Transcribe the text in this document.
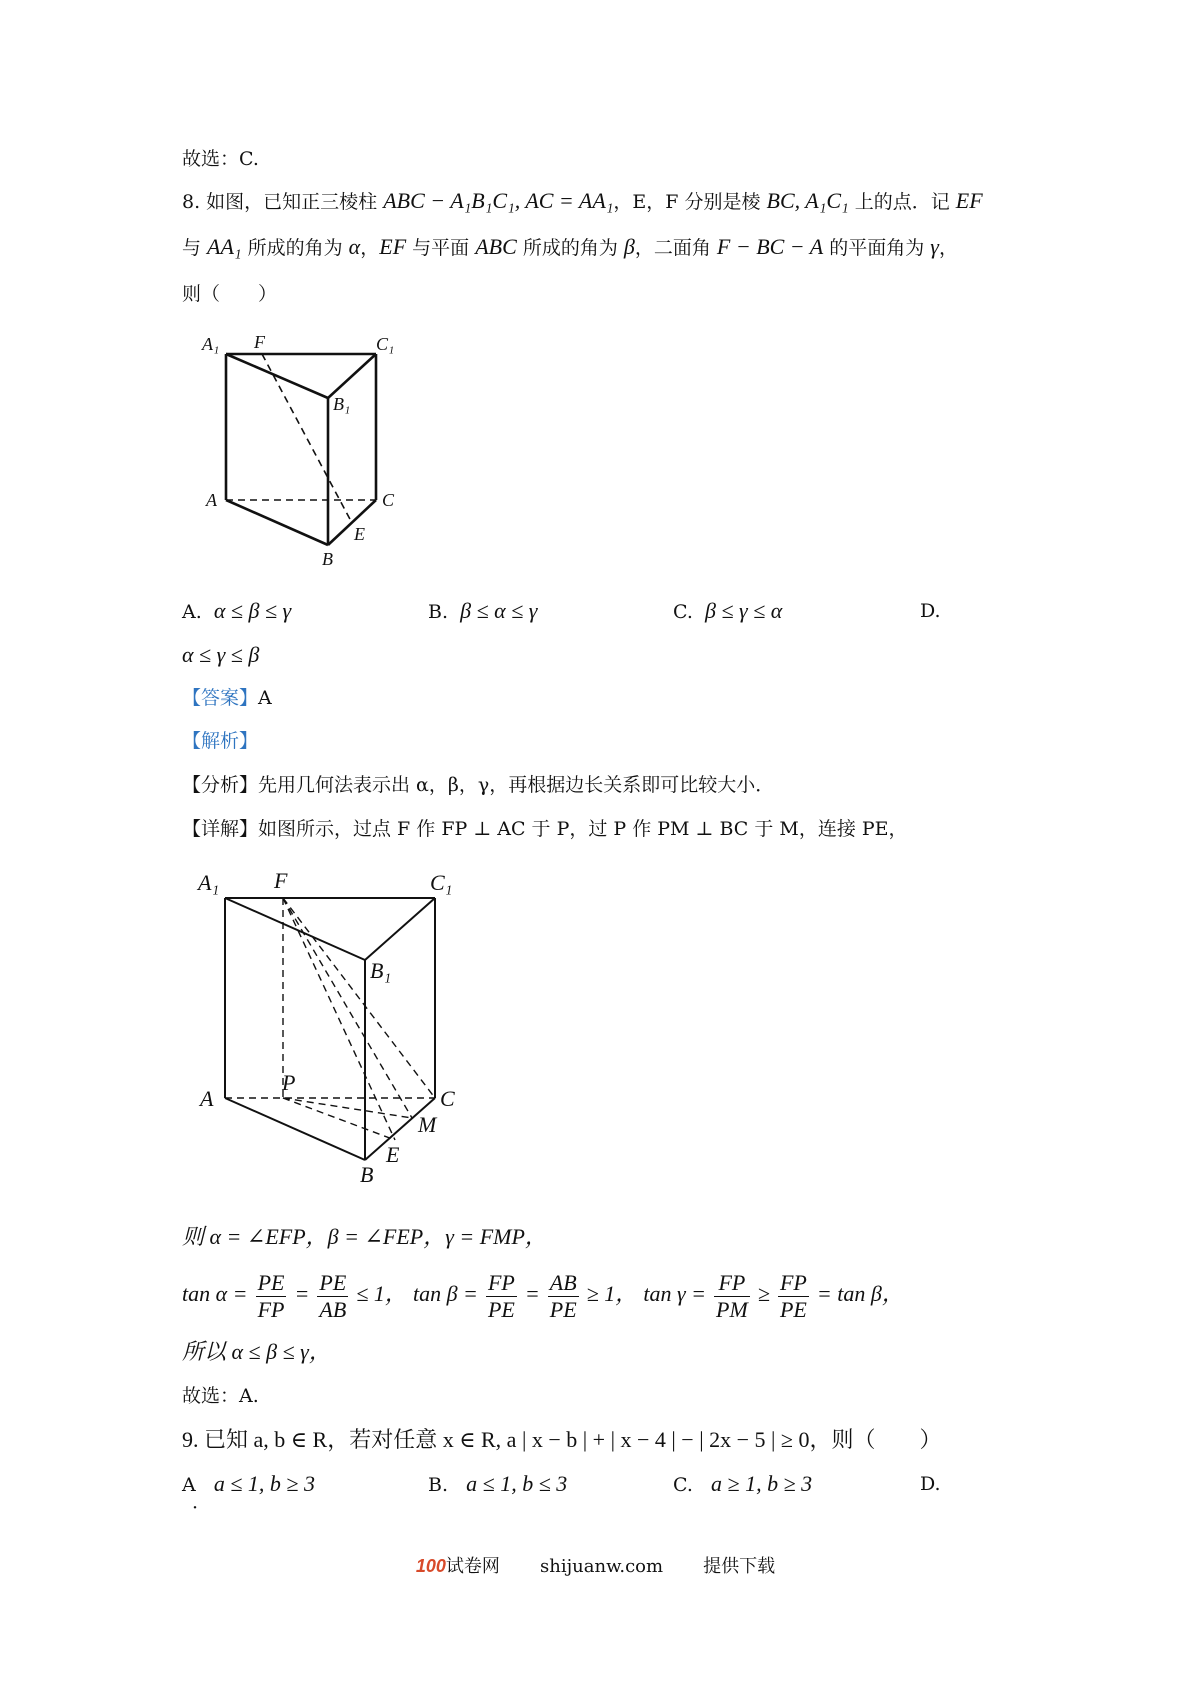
故选：C.
8. 如图，已知正三棱柱 ABC − A₁B₁C₁, AC = AA₁，E，F 分别是棱 BC, A₁C₁ 上的点．记 EF
与 AA₁ 所成的角为 α，EF 与平面 ABC 所成的角为 β，二面角 F − BC − A 的平面角为 γ，
则（　　）
A₁ F	C₁
B₁
A	C
E
B
A. α ≤ β ≤ γ	B. β ≤ α ≤ γ	C. β ≤ γ ≤ α	D.
α ≤ γ ≤ β
【答案】A
【解析】
【分析】先用几何法表示出 α，β，γ，再根据边长关系即可比较大小．
【详解】如图所示，过点 F 作 FP ⊥ AC 于 P，过 P 作 PM ⊥ BC 于 M，连接 PE，
A₁ F	C₁
B₁
A
P
C
M
E
B
则 α = ∠EFP，β = ∠FEP，γ = FMP，
$\tan \alpha = \frac{PE}{FP} = \frac{PE}{AB} \le 1$， $\tan \beta = \frac{FP}{PE} = \frac{AB}{PE} \ge 1$， $\tan \gamma = \frac{FP}{PM} \ge \frac{FP}{PE} = \tan \beta$，
所以 α ≤ β ≤ γ，
故选：A.
9. 已知 a, b ∈ R，若对任意 x ∈ R, a | x − b | + | x − 4 | − | 2x − 5 | ≥ 0，则（　　）
A a ≤ 1, b ≥ 3	B. a ≤ 1, b ≤ 3	C. a ≥ 1, b ≥ 3	D.
·
100试卷网 shijuanw.com 提供下载
